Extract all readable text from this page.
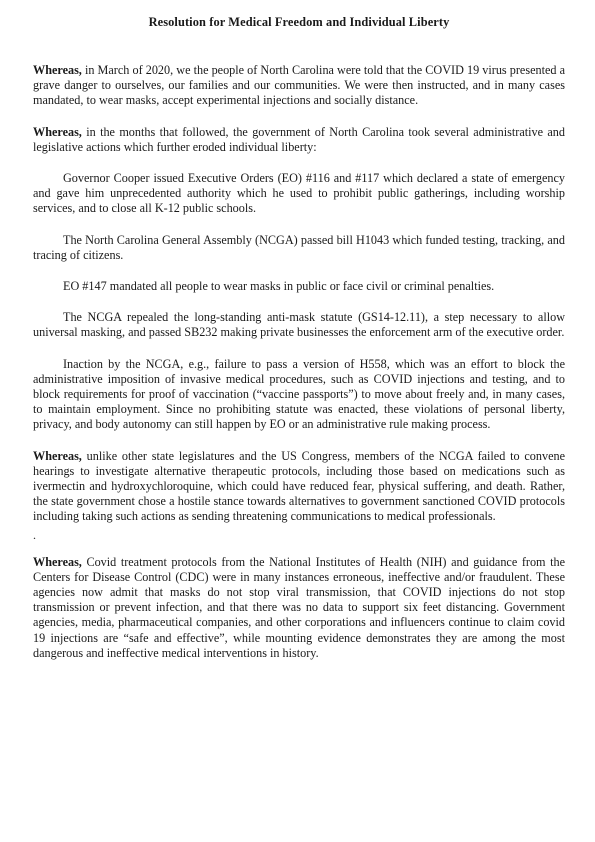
Resolution for Medical Freedom and Individual Liberty

Whereas, in March of 2020, we the people of North Carolina were told that the COVID 19 virus presented a grave danger to ourselves, our families and our communities. We were then instructed, and in many cases mandated, to wear masks, accept experimental injections and socially distance.

Whereas, in the months that followed, the government of North Carolina took several administrative and legislative actions which further eroded individual liberty:

Governor Cooper issued Executive Orders (EO) #116 and #117 which declared a state of emergency and gave him unprecedented authority which he used to prohibit public gatherings, including worship services, and to close all K-12 public schools.

The North Carolina General Assembly (NCGA) passed bill H1043 which funded testing, tracking, and tracing of citizens.

EO #147 mandated all people to wear masks in public or face civil or criminal penalties.

The NCGA repealed the long-standing anti-mask statute (GS14-12.11), a step necessary to allow universal masking, and passed SB232 making private businesses the enforcement arm of the executive order.

Inaction by the NCGA, e.g., failure to pass a version of H558, which was an effort to block the administrative imposition of invasive medical procedures, such as COVID injections and testing, and to block requirements for proof of vaccination (“vaccine passports”) to move about freely and, in many cases, to maintain employment. Since no prohibiting statute was enacted, these violations of personal liberty, privacy, and body autonomy can still happen by EO or an administrative rule making process.

Whereas, unlike other state legislatures and the US Congress, members of the NCGA failed to convene hearings to investigate alternative therapeutic protocols, including those based on medications such as ivermectin and hydroxychloroquine, which could have reduced fear, physical suffering, and death. Rather, the state government chose a hostile stance towards alternatives to government sanctioned COVID protocols including taking such actions as sending threatening communications to medical professionals.

.

Whereas, Covid treatment protocols from the National Institutes of Health (NIH) and guidance from the Centers for Disease Control (CDC) were in many instances erroneous, ineffective and/or fraudulent. These agencies now admit that masks do not stop viral transmission, that COVID injections do not stop transmission or prevent infection, and that there was no data to support six feet distancing. Government agencies, media, pharmaceutical companies, and other corporations and influencers continue to claim covid 19 injections are “safe and effective”, while mounting evidence demonstrates they are among the most dangerous and ineffective medical interventions in history.
